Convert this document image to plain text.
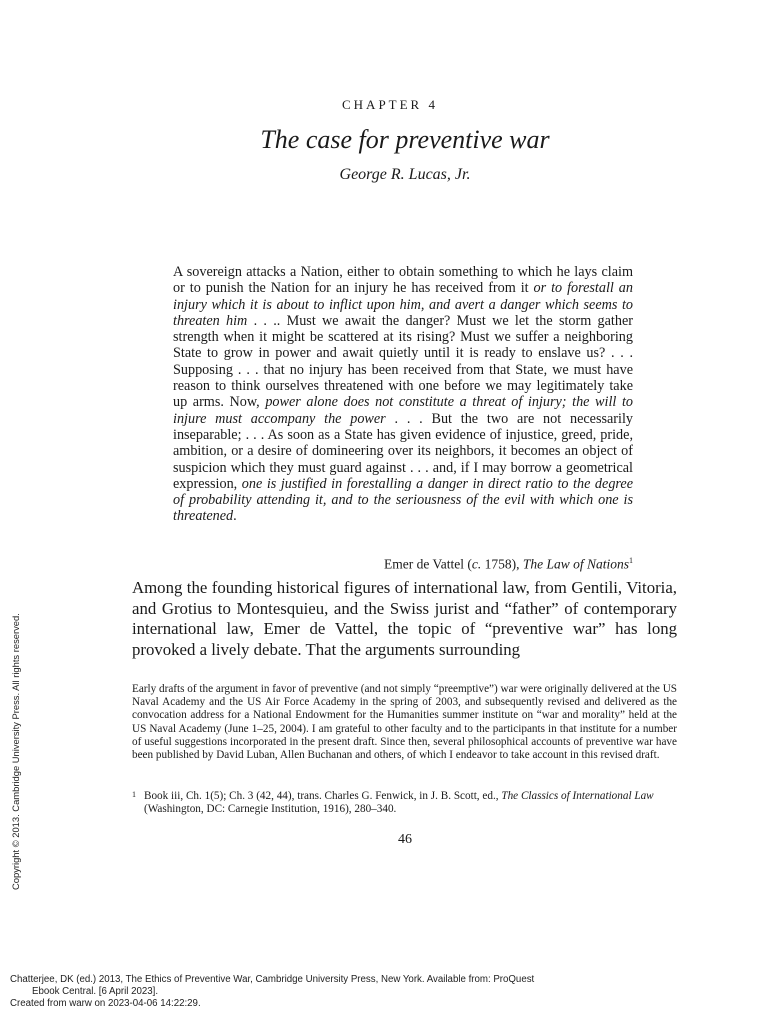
CHAPTER 4
The case for preventive war
George R. Lucas, Jr.
A sovereign attacks a Nation, either to obtain something to which he lays claim or to punish the Nation for an injury he has received from it or to forestall an injury which it is about to inflict upon him, and avert a danger which seems to threaten him . . .. Must we await the danger? Must we let the storm gather strength when it might be scattered at its rising? Must we suffer a neighboring State to grow in power and await quietly until it is ready to enslave us? . . . Supposing . . . that no injury has been received from that State, we must have reason to think ourselves threatened with one before we may legitimately take up arms. Now, power alone does not constitute a threat of injury; the will to injure must accompany the power . . . But the two are not necessarily inseparable; . . . As soon as a State has given evidence of injustice, greed, pride, ambition, or a desire of domineering over its neighbors, it becomes an object of suspicion which they must guard against . . . and, if I may borrow a geometrical expression, one is justified in forestalling a danger in direct ratio to the degree of probability attending it, and to the seriousness of the evil with which one is threatened.
Emer de Vattel (c. 1758), The Law of Nations$^1$
Among the founding historical figures of international law, from Gentili, Vitoria, and Grotius to Montesquieu, and the Swiss jurist and “father” of contemporary international law, Emer de Vattel, the topic of “preventive war” has long provoked a lively debate. That the arguments surrounding
Early drafts of the argument in favor of preventive (and not simply “preemptive”) war were originally delivered at the US Naval Academy and the US Air Force Academy in the spring of 2003, and subsequently revised and delivered as the convocation address for a National Endowment for the Humanities summer institute on “war and morality” held at the US Naval Academy (June 1–25, 2004). I am grateful to other faculty and to the participants in that institute for a number of useful suggestions incorporated in the present draft. Since then, several philosophical accounts of preventive war have been published by David Luban, Allen Buchanan and others, of which I endeavor to take account in this revised draft.
1 Book iii, Ch. 1(5); Ch. 3 (42, 44), trans. Charles G. Fenwick, in J. B. Scott, ed., The Classics of International Law (Washington, DC: Carnegie Institution, 1916), 280–340.
46
Copyright © 2013. Cambridge University Press. All rights reserved.
Chatterjee, DK (ed.) 2013, The Ethics of Preventive War, Cambridge University Press, New York. Available from: ProQuest
Ebook Central. [6 April 2023].
Created from warw on 2023-04-06 14:22:29.
